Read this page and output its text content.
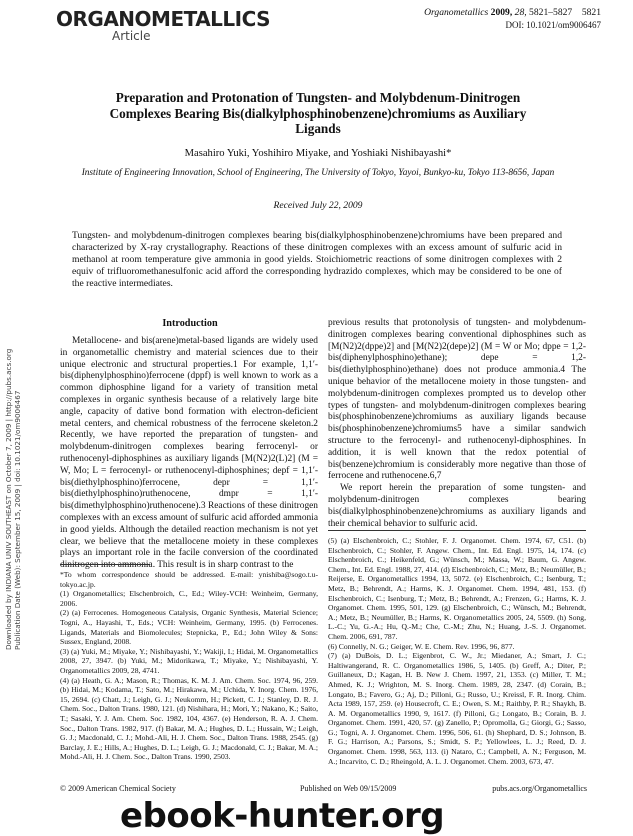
ORGANOMETALLICS
Article
Organometallics 2009, 28, 5821–5827 5821
DOI: 10.1021/om9006467
Preparation and Protonation of Tungsten- and Molybdenum-Dinitrogen Complexes Bearing Bis(dialkylphosphinobenzene)chromiums as Auxiliary Ligands
Masahiro Yuki, Yoshihiro Miyake, and Yoshiaki Nishibayashi*
Institute of Engineering Innovation, School of Engineering, The University of Tokyo, Yayoi, Bunkyo-ku, Tokyo 113-8656, Japan
Received July 22, 2009
Tungsten- and molybdenum-dinitrogen complexes bearing bis(dialkylphosphinobenzene)chromiums have been prepared and characterized by X-ray crystallography. Reactions of these dinitrogen complexes with an excess amount of sulfuric acid in methanol at room temperature give ammonia in good yields. Stoichiometric reactions of some dinitrogen complexes with 2 equiv of trifluoromethanesulfonic acid afford the corresponding hydrazido complexes, which may be considered to be one of the reactive intermediates.
Downloaded by INDIANA UNIV SOUTHEAST on October 7, 2009 | http://pubs.acs.org Publication Date (Web): September 15, 2009 | doi: 10.1021/om9006467
Introduction
Metallocene- and bis(arene)metal-based ligands are widely used in organometallic chemistry and material sciences due to their unique electronic and structural properties.1 For example, 1,1′-bis(diphenylphosphino)ferrocene (dppf) is well known to work as a common diphosphine ligand for a variety of transition metal complexes in organic synthesis because of a relatively large bite angle, capacity of dative bond formation with electron-deficient metal centers, and chemical robustness of the ferrocene skeleton.2 Recently, we have reported the preparation of tungsten- and molybdenum-dinitrogen complexes bearing ferrocenyl- or ruthenocenyl-diphosphines as auxiliary ligands [M(N2)2(L)2] (M = W, Mo; L = ferrocenyl- or ruthenocenyl-diphosphines; depf = 1,1′-bis(diethylphosphino)ferrocene, depr = 1,1′-bis(diethylphosphino)ruthenocene, dmpr = 1,1′-bis(dimethylphosphino)ruthenocene).3 Reactions of these dinitrogen complexes with an excess amount of sulfuric acid afforded ammonia in good yields. Although the detailed reaction mechanism is not yet clear, we believe that the metallocene moiety in these complexes plays an important role in the facile conversion of the coordinated dinitrogen into ammonia. This result is in sharp contrast to the
previous results that protonolysis of tungsten- and molybdenum-dinitrogen complexes bearing conventional diphosphines such as [M(N2)2(dppe)2] and [M(N2)2(depe)2] (M = W or Mo; dppe = 1,2-bis(diphenylphosphino)ethane); depe = 1,2-bis(diethylphosphino)ethane) does not produce ammonia.4 The unique behavior of the metallocene moiety in those tungsten- and molybdenum-dinitrogen complexes prompted us to develop other types of tungsten- and molybdenum-dinitrogen complexes bearing bis(phosphinobenzene)chromiums as auxiliary ligands because bis(phosphinobenzene)chromiums5 have a similar sandwich structure to the ferrocenyl- and ruthenocenyl-diphosphines. In addition, it is well known that the redox potential of bis(benzene)chromium is considerably more negative than those of ferrocene and ruthenocene.6,7
We report herein the preparation of some tungsten- and molybdenum-dinitrogen complexes bearing bis(dialkylphosphinobenzene)chromiums as auxiliary ligands and their chemical behavior to sulfuric acid.

*To whom correspondence should be addressed. E-mail: ynishiba@sogo.t.u-tokyo.ac.jp.

(1) Organometallics; Elschenbroich, C., Ed.; Wiley-VCH: Weinheim, Germany, 2006.

(2) (a) Ferrocenes. Homogeneous Catalysis, Organic Synthesis, Material Science; Togni, A., Hayashi, T., Eds.; VCH: Weinheim, Germany, 1995. (b) Ferrocenes. Ligands, Materials and Biomolecules; Stepnicka, P., Ed.; John Wiley & Sons: Sussex, England, 2008.

(3) (a) Yuki, M.; Miyake, Y.; Nishibayashi, Y.; Wakiji, I.; Hidai, M. Organometallics 2008, 27, 3947. (b) Yuki, M.; Midorikawa, T.; Miyake, Y.; Nishibayashi, Y. Organometallics 2009, 28, 4741.

(4) (a) Heath, G. A.; Mason, R.; Thomas, K. M. J. Am. Chem. Soc. 1974, 96, 259. (b) Hidai, M.; Kodama, T.; Sato, M.; Hirakawa, M.; Uchida, Y. Inorg. Chem. 1976, 15, 2694. (c) Chatt, J.; Leigh, G. J.; Neukomm, H.; Pickett, C. J.; Stanley, D. R. J. Chem. Soc., Dalton Trans. 1980, 121. (d) Nishihara, H.; Mori, Y.; Nakano, K.; Saito, T.; Sasaki, Y. J. Am. Chem. Soc. 1982, 104, 4367. (e) Henderson, R. A. J. Chem. Soc., Dalton Trans. 1982, 917. (f) Bakar, M. A.; Hughes, D. L.; Hussain, W.; Leigh, G. J.; Macdonald, C. J.; Mohd.-Ali, H. J. Chem. Soc., Dalton Trans. 1988, 2545. (g) Barclay, J. E.; Hills, A.; Hughes, D. L.; Leigh, G. J.; Macdonald, C. J.; Bakar, M. A.; Mohd.-Ali, H. J. Chem. Soc., Dalton Trans. 1990, 2503.

(5) (a) Elschenbroich, C.; Stohler, F. J. Organomet. Chem. 1974, 67, C51. (b) Elschenbroich, C.; Stohler, F. Angew. Chem., Int. Ed. Engl. 1975, 14, 174. (c) Elschenbroich, C.; Heikenfeld, G.; Wünsch, M.; Massa, W.; Baum, G. Angew. Chem., Int. Ed. Engl. 1988, 27, 414. (d) Elschenbroich, C.; Metz, B.; Neumüller, B.; Reijerse, E. Organometallics 1994, 13, 5072. (e) Elschenbroich, C.; Isenburg, T.; Metz, B.; Behrendt, A.; Harms, K. J. Organomet. Chem. 1994, 481, 153. (f) Elschenbroich, C.; Isenburg, T.; Metz, B.; Behrendt, A.; Frenzen, G.; Harms, K. J. Organomet. Chem. 1995, 501, 129. (g) Elschenbroich, C.; Wünsch, M.; Behrendt, A.; Metz, B.; Neumüller, B.; Harms, K. Organometallics 2005, 24, 5509. (h) Song, L.-C.; Yu, G.-A.; Hu, Q.-M.; Che, C.-M.; Zhu, N.; Huang, J.-S. J. Organomet. Chem. 2006, 691, 787.

(6) Connelly, N. G.; Geiger, W. E. Chem. Rev. 1996, 96, 877.

(7) (a) DuBois, D. L.; Eigenbrot, C. W., Jr.; Miedaner, A.; Smart, J. C.; Haltiwangerand, R. C. Organometallics 1986, 5, 1405. (b) Greff, A.; Diter, P.; Guillaneux, D.; Kagan, H. B. New J. Chem. 1997, 21, 1353. (c) Miller, T. M.; Ahmed, K. J.; Wrighton, M. S. Inorg. Chem. 1989, 28, 2347. (d) Corain, B.; Longato, B.; Favero, G.; Aj, D.; Pilloni, G.; Russo, U.; Kreissl, F. R. Inorg. Chim. Acta 1989, 157, 259. (e) Housecroft, C. E.; Owen, S. M.; Raithby, P. R.; Shaykh, B. A. M. Organometallics 1990, 9, 1617. (f) Pilloni, G.; Longato, B.; Corain, B. J. Organomet. Chem. 1991, 420, 57. (g) Zanello, P.; Opromolla, G.; Giorgi, G.; Sasso, G.; Togni, A. J. Organomet. Chem. 1996, 506, 61. (h) Shephard, D. S.; Johnson, B. F. G.; Harrison, A.; Parsons, S.; Smidt, S. P.; Yellowlees, L. J.; Reed, D. J. Organomet. Chem. 1998, 563, 113. (i) Nataro, C.; Campbell, A. N.; Ferguson, M. A.; Incarvito, C. D.; Rheingold, A. L. J. Organomet. Chem. 2003, 673, 47.

© 2009 American Chemical Society	Published on Web 09/15/2009	pubs.acs.org/Organometallics
ebook-hunter.org
